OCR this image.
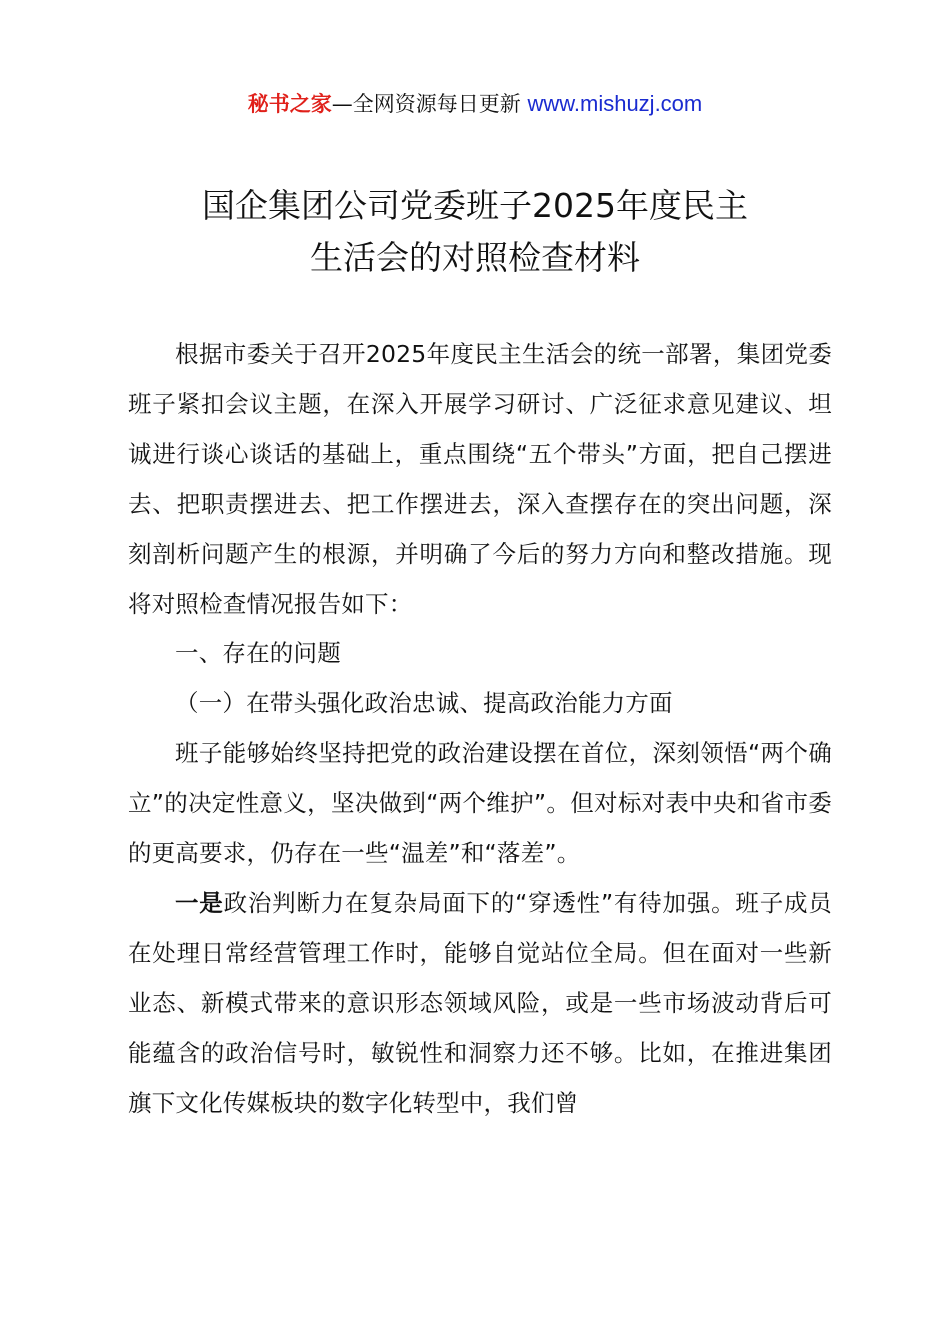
秘书之家—全网资源每日更新 www.mishuzj.com
国企集团公司党委班子2025年度民主
生活会的对照检查材料

根据市委关于召开2025年度民主生活会的统一部署，集团党委班子紧扣会议主题，在深入开展学习研讨、广泛征求意见建议、坦诚进行谈心谈话的基础上，重点围绕“五个带头”方面，把自己摆进去、把职责摆进去、把工作摆进去，深入查摆存在的突出问题，深刻剖析问题产生的根源，并明确了今后的努力方向和整改措施。现将对照检查情况报告如下：

一、存在的问题

（一）在带头强化政治忠诚、提高政治能力方面

班子能够始终坚持把党的政治建设摆在首位，深刻领悟“两个确立”的决定性意义，坚决做到“两个维护”。但对标对表中央和省市委的更高要求，仍存在一些“温差”和“落差”。

一是政治判断力在复杂局面下的“穿透性”有待加强。班子成员在处理日常经营管理工作时，能够自觉站位全局。但在面对一些新业态、新模式带来的意识形态领域风险，或是一些市场波动背后可能蕴含的政治信号时，敏锐性和洞察力还不够。比如，在推进集团旗下文化传媒板块的数字化转型中，我们曾
